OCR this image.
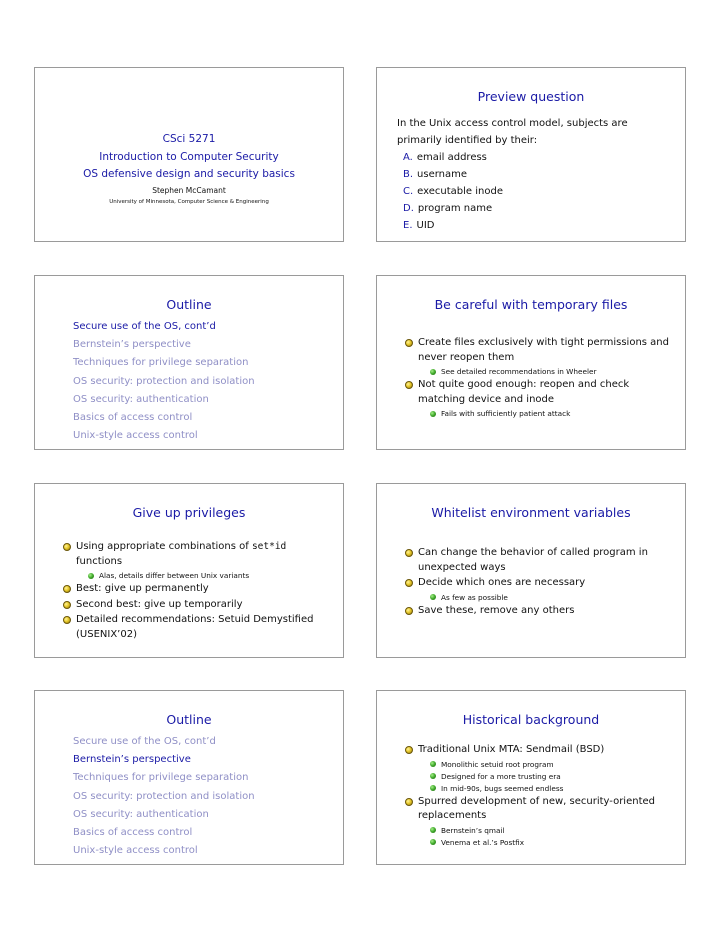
CSci 5271
Introduction to Computer Security
OS defensive design and security basics
Stephen McCamant
University of Minnesota, Computer Science & Engineering
Preview question
In the Unix access control model, subjects are primarily identified by their:
A. email address
B. username
C. executable inode
D. program name
E. UID
Outline
Secure use of the OS, cont’d
Bernstein’s perspective
Techniques for privilege separation
OS security: protection and isolation
OS security: authentication
Basics of access control
Unix-style access control
Be careful with temporary files
Create files exclusively with tight permissions and never reopen them
See detailed recommendations in Wheeler
Not quite good enough: reopen and check matching device and inode
Fails with sufficiently patient attack
Give up privileges
Using appropriate combinations of set*id functions
Alas, details differ between Unix variants
Best: give up permanently
Second best: give up temporarily
Detailed recommendations: Setuid Demystified (USENIX’02)
Whitelist environment variables
Can change the behavior of called program in unexpected ways
Decide which ones are necessary
As few as possible
Save these, remove any others
Outline
Secure use of the OS, cont’d
Bernstein’s perspective
Techniques for privilege separation
OS security: protection and isolation
OS security: authentication
Basics of access control
Unix-style access control
Historical background
Traditional Unix MTA: Sendmail (BSD)
Monolithic setuid root program
Designed for a more trusting era
In mid-90s, bugs seemed endless
Spurred development of new, security-oriented replacements
Bernstein’s qmail
Venema et al.’s Postfix
